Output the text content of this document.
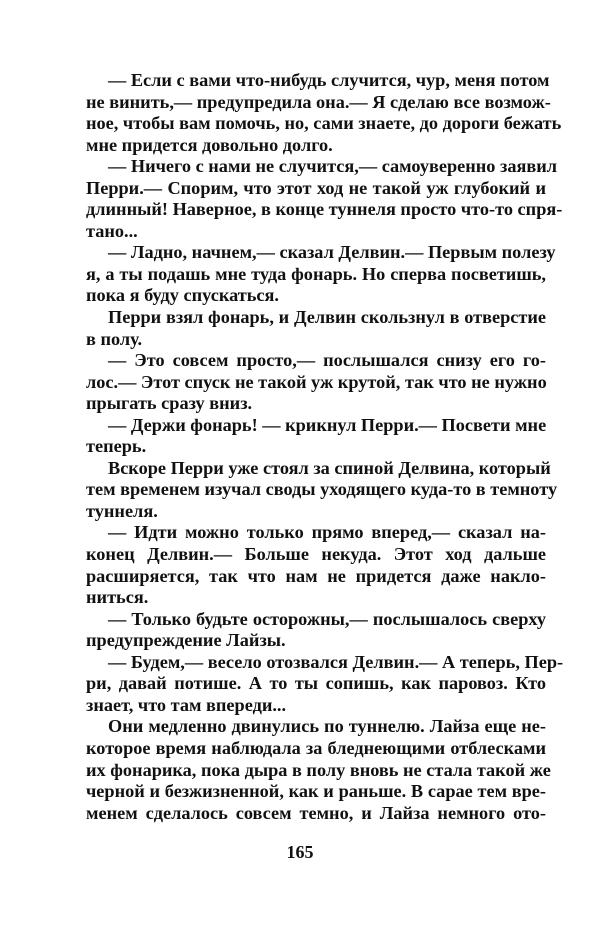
— Если с вами что-нибудь случится, чур, меня потом
не винить,— предупредила она.— Я сделаю все возмож-
ное, чтобы вам помочь, но, сами знаете, до дороги бежать
мне придется довольно долго.
— Ничего с нами не случится,— самоуверенно заявил
Перри.— Спорим, что этот ход не такой уж глубокий и
длинный! Наверное, в конце туннеля просто что-то спря-
тано...
— Ладно, начнем,— сказал Делвин.— Первым полезу
я, а ты подашь мне туда фонарь. Но сперва посветишь,
пока я буду спускаться.
Перри взял фонарь, и Делвин скользнул в отверстие
в полу.
— Это совсем просто,— послышался снизу его го-
лос.— Этот спуск не такой уж крутой, так что не нужно
прыгать сразу вниз.
— Держи фонарь! — крикнул Перри.— Посвети мне
теперь.
Вскоре Перри уже стоял за спиной Делвина, который
тем временем изучал своды уходящего куда-то в темноту
туннеля.
— Идти можно только прямо вперед,— сказал на-
конец Делвин.— Больше некуда. Этот ход дальше
расширяется, так что нам не придется даже накло-
ниться.
— Только будьте осторожны,— послышалось сверху
предупреждение Лайзы.
— Будем,— весело отозвался Делвин.— А теперь, Пер-
ри, давай потише. А то ты сопишь, как паровоз. Кто
знает, что там впереди...
Они медленно двинулись по туннелю. Лайза еще не-
которое время наблюдала за бледнеющими отблесками
их фонарика, пока дыра в полу вновь не стала такой же
черной и безжизненной, как и раньше. В сарае тем вре-
менем сделалось совсем темно, и Лайза немного ото-
165
